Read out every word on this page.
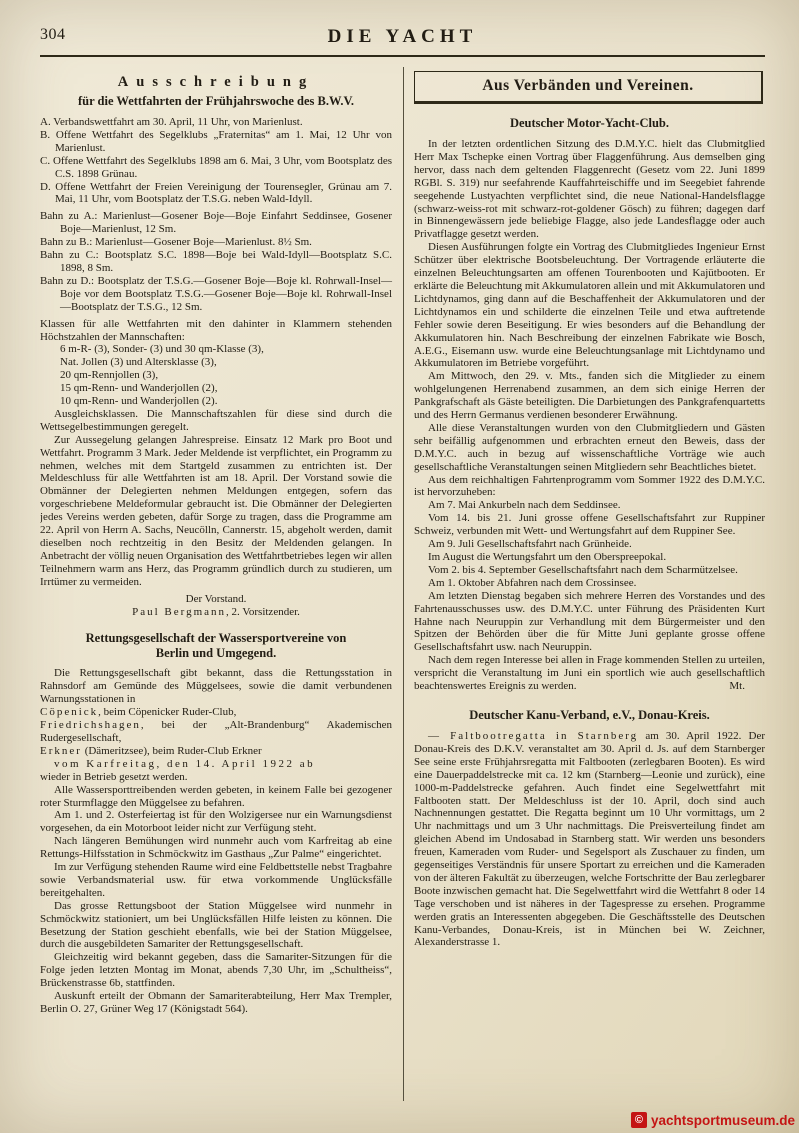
304	DIE YACHT
Ausschreibung
für die Wettfahrten der Frühjahrswoche des B.W.V.

A. Verbandswettfahrt am 30. April, 11 Uhr, von Marienlust.

B. Offene Wettfahrt des Segelklubs „Fraternitas“ am 1. Mai, 12 Uhr von Marienlust.

C. Offene Wettfahrt des Segelklubs 1898 am 6. Mai, 3 Uhr, vom Bootsplatz des C.S. 1898 Grünau.

D. Offene Wettfahrt der Freien Vereinigung der Tourensegler, Grünau am 7. Mai, 11 Uhr, vom Bootsplatz der T.S.G. neben Wald-Idyll.

Bahn zu A.: Marienlust—Gosener Boje—Boje Einfahrt Seddinsee, Gosener Boje—Marienlust, 12 Sm.

Bahn zu B.: Marienlust—Gosener Boje—Marienlust. 8½ Sm.

Bahn zu C.: Bootsplatz S.C. 1898—Boje bei Wald-Idyll—Bootsplatz S.C. 1898, 8 Sm.

Bahn zu D.: Bootsplatz der T.S.G.—Gosener Boje—Boje kl. Rohrwall-Insel—Boje vor dem Bootsplatz T.S.G.—Gosener Boje—Boje kl. Rohrwall-Insel—Bootsplatz der T.S.G., 12 Sm.

Klassen für alle Wettfahrten mit den dahinter in Klammern stehenden Höchstzahlen der Mannschaften:

6 m-R- (3), Sonder- (3) und 30 qm-Klasse (3),

Nat. Jollen (3) und Altersklasse (3),

20 qm-Rennjollen (3),

15 qm-Renn- und Wanderjollen (2),

10 qm-Renn- und Wanderjollen (2).

Ausgleichsklassen. Die Mannschaftszahlen für diese sind durch die Wettsegelbestimmungen geregelt.

Zur Aussegelung gelangen Jahrespreise. Einsatz 12 Mark pro Boot und Wettfahrt. Programm 3 Mark. Jeder Meldende ist verpflichtet, ein Programm zu nehmen, welches mit dem Startgeld zusammen zu entrichten ist. Der Meldeschluss für alle Wettfahrten ist am 18. April. Der Vorstand sowie die Obmänner der Delegierten nehmen Meldungen entgegen, sofern das vorgeschriebene Meldeformular gebraucht ist. Die Obmänner der Delegierten jedes Vereins werden gebeten, dafür Sorge zu tragen, dass die Programme am 22. April von Herrn A. Sachs, Neucölln, Cannerstr. 15, abgeholt werden, damit dieselben noch rechtzeitig in den Besitz der Meldenden gelangen. In Anbetracht der völlig neuen Organisation des Wettfahrtbetriebes legen wir allen Teilnehmern warm ans Herz, das Programm gründlich durch zu studieren, um Irrtümer zu vermeiden.

Der Vorstand.

Paul Bergmann, 2. Vorsitzender.

Rettungsgesellschaft der Wassersportvereine von
Berlin und Umgegend.

Die Rettungsgesellschaft gibt bekannt, dass die Rettungsstation in Rahnsdorf am Gemünde des Müggelsees, sowie die damit verbundenen Warnungsstationen in

Cöpenick, beim Cöpenicker Ruder-Club,

Friedrichshagen, bei der „Alt-Brandenburg“ Akademischen Rudergesellschaft,

Erkner (Dämeritzsee), beim Ruder-Club Erkner

vom Karfreitag, den 14. April 1922 ab

wieder in Betrieb gesetzt werden.

Alle Wassersporttreibenden werden gebeten, in keinem Falle bei gezogener roter Sturmflagge den Müggelsee zu befahren.

Am 1. und 2. Osterfeiertag ist für den Wolzigersee nur ein Warnungsdienst vorgesehen, da ein Motorboot leider nicht zur Verfügung steht.

Nach längeren Bemühungen wird nunmehr auch vom Karfreitag ab eine Rettungs-Hilfsstation in Schmöckwitz im Gasthaus „Zur Palme“ eingerichtet.

Im zur Verfügung stehenden Raume wird eine Feldbettstelle nebst Tragbahre sowie Verbandsmaterial usw. für etwa vorkommende Unglücksfälle bereitgehalten.

Das grosse Rettungsboot der Station Müggelsee wird nunmehr in Schmöckwitz stationiert, um bei Unglücksfällen Hilfe leisten zu können. Die Besetzung der Station geschieht ebenfalls, wie bei der Station Müggelsee, durch die ausgebildeten Samariter der Rettungsgesellschaft.

Gleichzeitig wird bekannt gegeben, dass die Samariter-Sitzungen für die Folge jeden letzten Montag im Monat, abends 7,30 Uhr, im „Schultheiss“, Brückenstrasse 6b, stattfinden.

Auskunft erteilt der Obmann der Samariterabteilung, Herr Max Trempler, Berlin O. 27, Grüner Weg 17 (Königstadt 564).

Aus Verbänden und Vereinen.
Deutscher Motor-Yacht-Club.

In der letzten ordentlichen Sitzung des D.M.Y.C. hielt das Clubmitglied Herr Max Tschepke einen Vortrag über Flaggenführung. Aus demselben ging hervor, dass nach dem geltenden Flaggenrecht (Gesetz vom 22. Juni 1899 RGBl. S. 319) nur seefahrende Kauffahrteischiffe und im Seegebiet fahrende seegehende Lustyachten verpflichtet sind, die neue National-Handelsflagge (schwarz-weiss-rot mit schwarz-rot-goldener Gösch) zu führen; dagegen darf in Binnengewässern jede beliebige Flagge, also jede Landesflagge oder auch Privatflagge gesetzt werden.

Diesen Ausführungen folgte ein Vortrag des Clubmitgliedes Ingenieur Ernst Schützer über elektrische Bootsbeleuchtung. Der Vortragende erläuterte die einzelnen Beleuchtungsarten am offenen Tourenbooten und Kajütbooten. Er erklärte die Beleuchtung mit Akkumulatoren allein und mit Akkumulatoren und Lichtdynamos, ging dann auf die Beschaffenheit der Akkumulatoren und der Lichtdynamos ein und schilderte die einzelnen Teile und etwa auftretende Fehler sowie deren Beseitigung. Er wies besonders auf die Behandlung der Akkumulatoren hin. Nach Beschreibung der einzelnen Fabrikate wie Bosch, A.E.G., Eisemann usw. wurde eine Beleuchtungsanlage mit Lichtdynamo und Akkumulatoren im Betriebe vorgeführt.

Am Mittwoch, den 29. v. Mts., fanden sich die Mitglieder zu einem wohlgelungenen Herrenabend zusammen, an dem sich einige Herren der Pankgrafschaft als Gäste beteiligten. Die Darbietungen des Pankgrafenquartetts und des Herrn Germanus verdienen besonderer Erwähnung.

Alle diese Veranstaltungen wurden von den Clubmitgliedern und Gästen sehr beifällig aufgenommen und erbrachten erneut den Beweis, dass der D.M.Y.C. auch in bezug auf wissenschaftliche Vorträge wie auch gesellschaftliche Veranstaltungen seinen Mitgliedern sehr Beachtliches bietet.

Aus dem reichhaltigen Fahrtenprogramm vom Sommer 1922 des D.M.Y.C. ist hervorzuheben:

Am 7. Mai Ankurbeln nach dem Seddinsee.

Vom 14. bis 21. Juni grosse offene Gesellschaftsfahrt zur Ruppiner Schweiz, verbunden mit Wett- und Wertungsfahrt auf dem Ruppiner See.

Am 9. Juli Gesellschaftsfahrt nach Grünheide.

Im August die Wertungsfahrt um den Oberspreepokal.

Vom 2. bis 4. September Gesellschaftsfahrt nach dem Scharmützelsee.

Am 1. Oktober Abfahren nach dem Crossinsee.

Am letzten Dienstag begaben sich mehrere Herren des Vorstandes und des Fahrtenausschusses usw. des D.M.Y.C. unter Führung des Präsidenten Kurt Hahne nach Neuruppin zur Verhandlung mit dem Bürgermeister und den Spitzen der Behörden über die für Mitte Juni geplante grosse offene Gesellschaftsfahrt usw. nach Neuruppin.

Nach dem regen Interesse bei allen in Frage kommenden Stellen zu urteilen, verspricht die Veranstaltung im Juni ein sportlich wie auch gesellschaftlich beachtenswertes Ereignis zu werden.	Mt.
Deutscher Kanu-Verband, e.V., Donau-Kreis.

— Faltbootregatta in Starnberg am 30. April 1922. Der Donau-Kreis des D.K.V. veranstaltet am 30. April d. Js. auf dem Starnberger See seine erste Frühjahrsregatta mit Faltbooten (zerlegbaren Booten). Es wird eine Dauerpaddelstrecke mit ca. 12 km (Starnberg—Leonie und zurück), eine 1000-m-Paddelstrecke gefahren. Auch findet eine Segelwettfahrt mit Faltbooten statt. Der Meldeschluss ist der 10. April, doch sind auch Nachnennungen gestattet. Die Regatta beginnt um 10 Uhr vormittags, um 2 Uhr nachmittags und um 3 Uhr nachmittags. Die Preisverteilung findet am gleichen Abend im Undosabad in Starnberg statt. Wir werden uns besonders freuen, Kameraden vom Ruder- und Segelsport als Zuschauer zu finden, um gegenseitiges Verständnis für unsere Sportart zu erreichen und die Kameraden von der älteren Fakultät zu überzeugen, welche Fortschritte der Bau zerlegbarer Boote inzwischen gemacht hat. Die Segelwettfahrt wird die Wettfahrt 8 oder 14 Tage verschoben und ist näheres in der Tagespresse zu ersehen. Programme werden gratis an Interessenten abgegeben. Die Geschäftsstelle des Deutschen Kanu-Verbandes, Donau-Kreis, ist in München bei W. Zeichner, Alexanderstrasse 1.

© yachtsportmuseum.de
